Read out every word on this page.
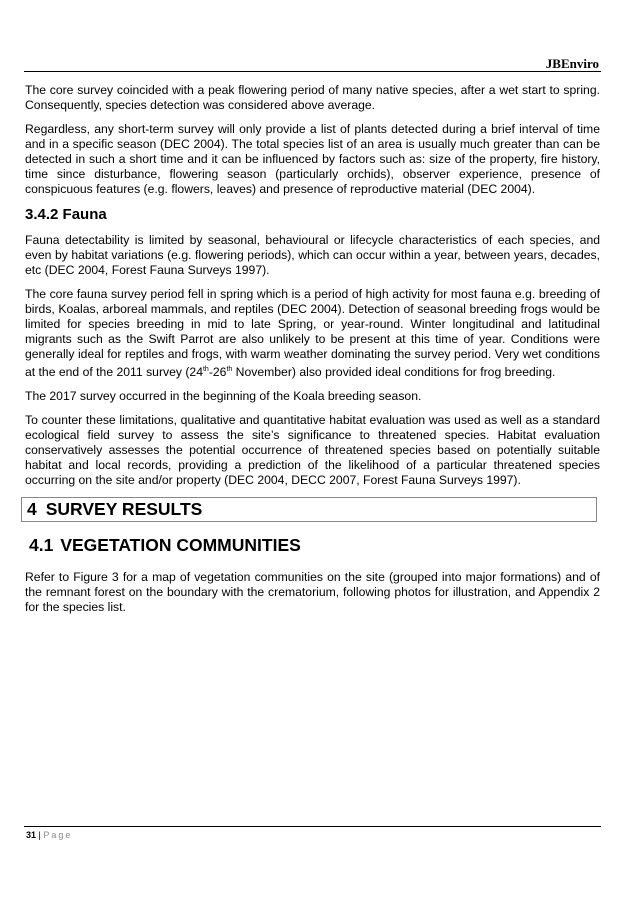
JBEnviro

The core survey coincided with a peak flowering period of many native species, after a wet start to spring. Consequently, species detection was considered above average.

Regardless, any short-term survey will only provide a list of plants detected during a brief interval of time and in a specific season (DEC 2004). The total species list of an area is usually much greater than can be detected in such a short time and it can be influenced by factors such as: size of the property, fire history, time since disturbance, flowering season (particularly orchids), observer experience, presence of conspicuous features (e.g. flowers, leaves) and presence of reproductive material (DEC 2004).

3.4.2 Fauna

Fauna detectability is limited by seasonal, behavioural or lifecycle characteristics of each species, and even by habitat variations (e.g. flowering periods), which can occur within a year, between years, decades, etc (DEC 2004, Forest Fauna Surveys 1997).

The core fauna survey period fell in spring which is a period of high activity for most fauna e.g. breeding of birds, Koalas, arboreal mammals, and reptiles (DEC 2004). Detection of seasonal breeding frogs would be limited for species breeding in mid to late Spring, or year-round. Winter longitudinal and latitudinal migrants such as the Swift Parrot are also unlikely to be present at this time of year. Conditions were generally ideal for reptiles and frogs, with warm weather dominating the survey period. Very wet conditions at the end of the 2011 survey (24th-26th November) also provided ideal conditions for frog breeding.

The 2017 survey occurred in the beginning of the Koala breeding season.

To counter these limitations, qualitative and quantitative habitat evaluation was used as well as a standard ecological field survey to assess the site’s significance to threatened species. Habitat evaluation conservatively assesses the potential occurrence of threatened species based on potentially suitable habitat and local records, providing a prediction of the likelihood of a particular threatened species occurring on the site and/or property (DEC 2004, DECC 2007, Forest Fauna Surveys 1997).

4 SURVEY RESULTS
4.1 VEGETATION COMMUNITIES

Refer to Figure 3 for a map of vegetation communities on the site (grouped into major formations) and of the remnant forest on the boundary with the crematorium, following photos for illustration, and Appendix 2 for the species list.

31 | Page
